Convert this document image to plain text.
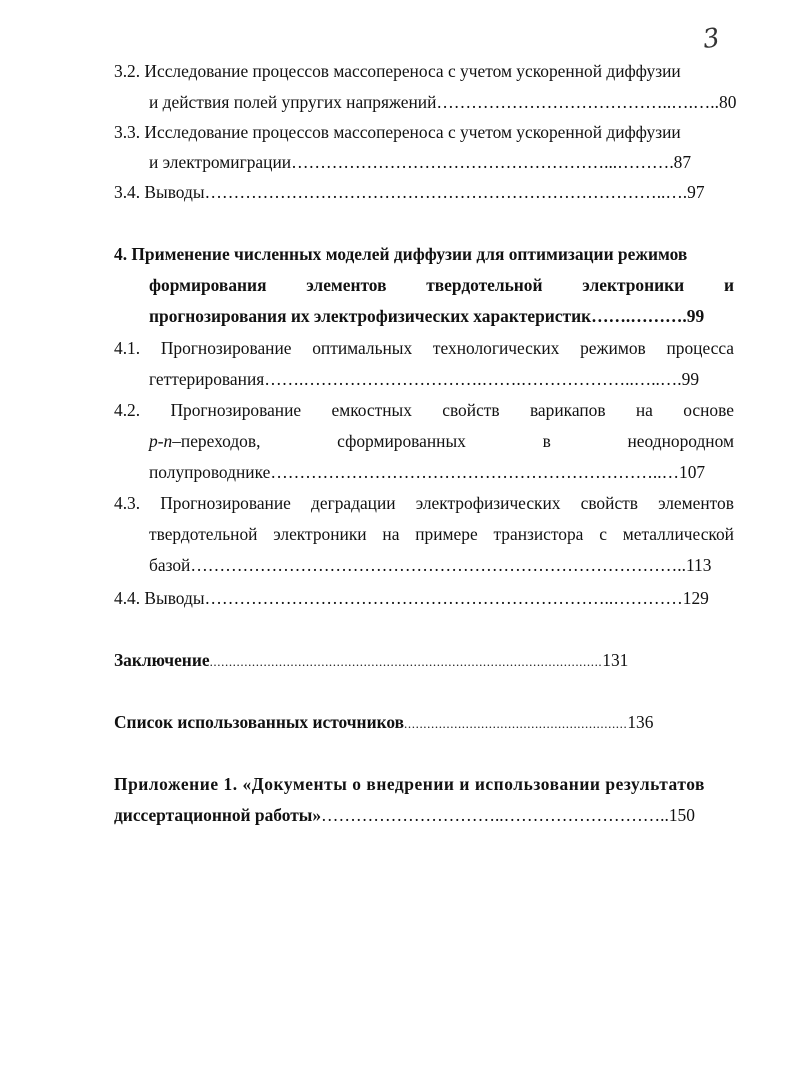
3
3.2. Исследование процессов массопереноса с учетом ускоренной диффузии
и действия полей упругих напряжений…………………………………..….…..80
3.3. Исследование процессов массопереноса с учетом ускоренной диффузии
и электромиграции………………………………………………...……….87
3.4. Выводы……………………………………………………………………..….97
4. Применение численных моделей диффузии для оптимизации режимов
формирования элементов твердотельной электроники и
прогнозирования их электрофизических характеристик…….……….99
4.1. Прогнозирование оптимальных технологических режимов процесса
геттерирования…….………………………….…….………………..…..….99
4.2. Прогнозирование емкостных свойств варикапов на основе
p-n–переходов,	сформированных	в	неоднородном
полупроводнике…………………………………………………………..…107
4.3. Прогнозирование деградации электрофизических свойств элементов
твердотельной электроники на примере транзистора с металлической
базой…………………………………………………………………………..113
4.4. Выводы……………………………………………………………..…………129
Заключение......................................................................................................131
Список использованных источников..........................................................136
Приложение 1. «Документы о внедрении и использовании результатов
диссертационной работы»…………………………..………………………..150
